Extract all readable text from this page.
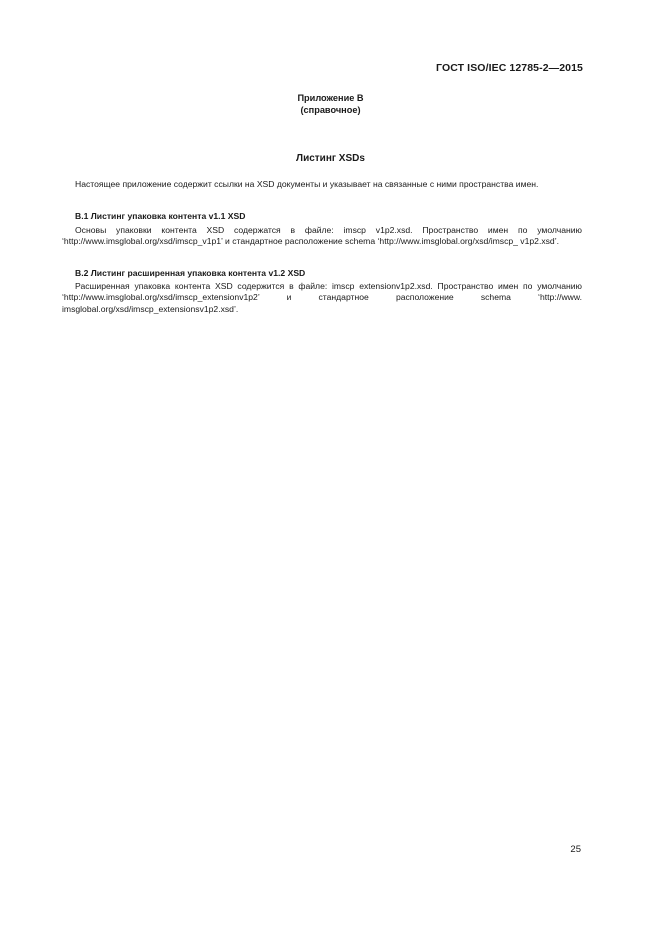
ГОСТ ISO/IEC 12785-2—2015
Приложение В
(справочное)
Листинг XSDs
Настоящее приложение содержит ссылки на XSD документы и указывает на связанные с ними пространства имен.
В.1 Листинг упаковка контента v1.1 XSD
Основы упаковки контента XSD содержатся в файле: imscp v1p2.xsd. Пространство имен по умолчанию ‘http://www.imsglobal.org/xsd/imscp_v1p1’ и стандартное расположение schema ‘http://www.imsglobal.org/xsd/imscp_ v1p2.xsd’.
В.2 Листинг расширенная упаковка контента v1.2 XSD
Расширенная упаковка контента XSD содержится в файле: imscp extensionv1p2.xsd. Пространство имен по умолчанию ‘http://www.imsglobal.org/xsd/imscp_extensionv1p2’ и стандартное расположение schema ‘http://www. imsglobal.org/xsd/imscp_extensionsv1p2.xsd’.
25
